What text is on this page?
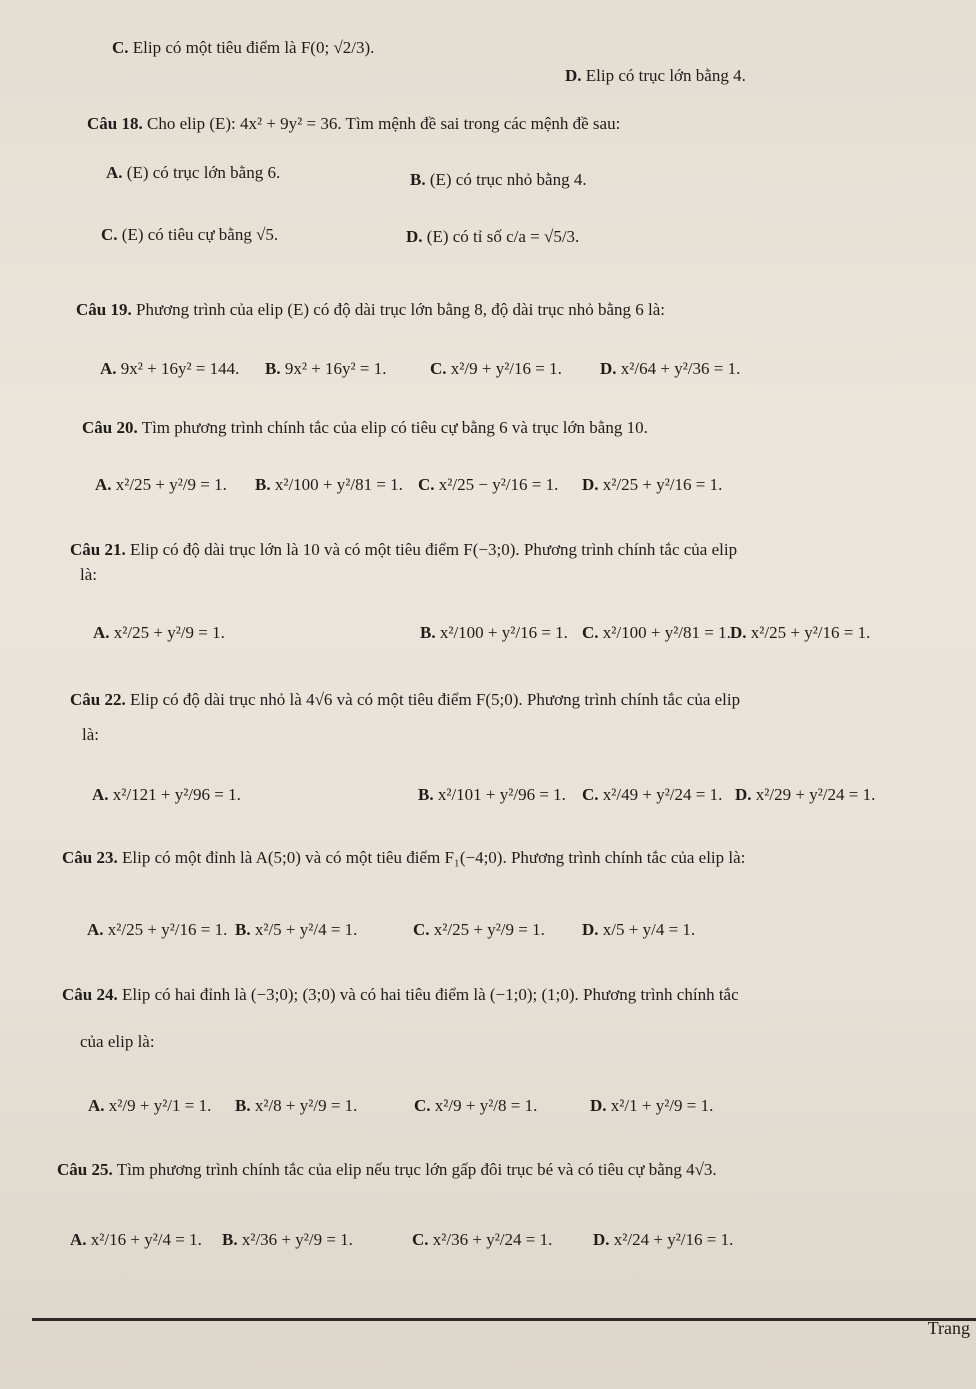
C. Elip có một tiêu điểm là F(0; √2/3).
D. Elip có trục lớn bằng 4.
Câu 18. Cho elip (E): 4x² + 9y² = 36. Tìm mệnh đề sai trong các mệnh đề sau:
A. (E) có trục lớn bằng 6.	B. (E) có trục nhỏ bằng 4.
C. (E) có tiêu cự bằng √5.	D. (E) có tỉ số c/a = √5/3.
Câu 19. Phương trình của elip (E) có độ dài trục lớn bằng 8, độ dài trục nhỏ bằng 6 là:
A. 9x² + 16y² = 144. B. 9x² + 16y² = 1.	C. x²/9 + y²/16 = 1. D. x²/64 + y²/36 = 1.
Câu 20. Tìm phương trình chính tắc của elip có tiêu cự bằng 6 và trục lớn bằng 10.
A. x²/25 + y²/9 = 1. B. x²/100 + y²/81 = 1. C. x²/25 − y²/16 = 1. D. x²/25 + y²/16 = 1.
Câu 21. Elip có độ dài trục lớn là 10 và có một tiêu điểm F(−3;0). Phương trình chính tắc của elip
là:
A. x²/25 + y²/9 = 1.	B. x²/100 + y²/16 = 1. C. x²/100 + y²/81 = 1. D. x²/25 + y²/16 = 1.
Câu 22. Elip có độ dài trục nhỏ là 4√6 và có một tiêu điểm F(5;0). Phương trình chính tắc của elip
là:
A. x²/121 + y²/96 = 1.	B. x²/101 + y²/96 = 1. C. x²/49 + y²/24 = 1. D. x²/29 + y²/24 = 1.
Câu 23. Elip có một đỉnh là A(5;0) và có một tiêu điểm F₁(−4;0). Phương trình chính tắc của elip là:
A. x²/25 + y²/16 = 1. B. x²/5 + y²/4 = 1.	C. x²/25 + y²/9 = 1. D. x/5 + y/4 = 1.
Câu 24. Elip có hai đỉnh là (−3;0); (3;0) và có hai tiêu điểm là (−1;0); (1;0). Phương trình chính tắc
của elip là:
A. x²/9 + y²/1 = 1. B. x²/8 + y²/9 = 1.	C. x²/9 + y²/8 = 1.	D. x²/1 + y²/9 = 1.
Câu 25. Tìm phương trình chính tắc của elip nếu trục lớn gấp đôi trục bé và có tiêu cự bằng 4√3.
A. x²/16 + y²/4 = 1. B. x²/36 + y²/9 = 1.	C. x²/36 + y²/24 = 1. D. x²/24 + y²/16 = 1.
Trang
